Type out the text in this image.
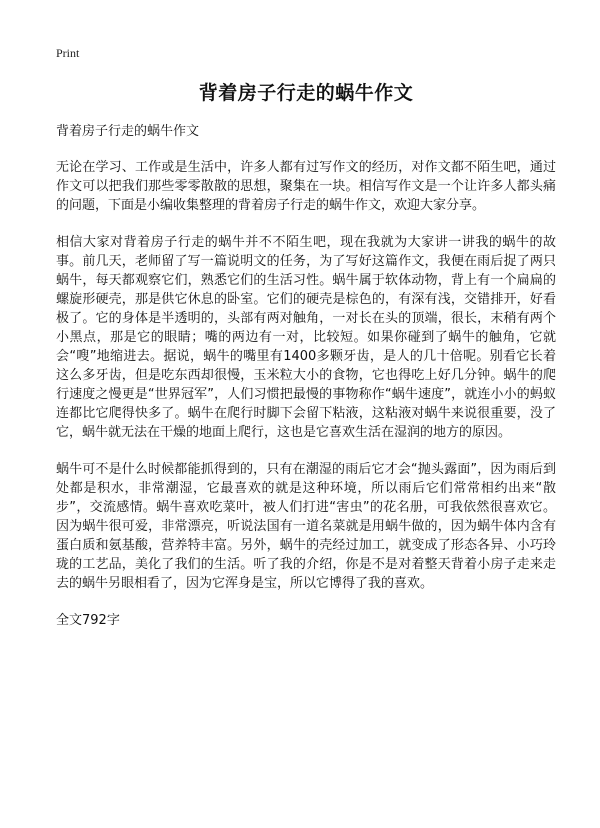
Print
背着房子行走的蜗牛作文
背着房子行走的蜗牛作文

无论在学习、工作或是生活中，许多人都有过写作文的经历，对作文都不陌生吧，通过作文可以把我们那些零零散散的思想，聚集在一块。相信写作文是一个让许多人都头痛的问题，下面是小编收集整理的背着房子行走的蜗牛作文，欢迎大家分享。

相信大家对背着房子行走的蜗牛并不不陌生吧，现在我就为大家讲一讲我的蜗牛的故事。前几天，老师留了写一篇说明文的任务，为了写好这篇作文，我便在雨后捉了两只蜗牛，每天都观察它们，熟悉它们的生活习性。蜗牛属于软体动物，背上有一个扁扁的螺旋形硬壳，那是供它休息的卧室。它们的硬壳是棕色的，有深有浅，交错排开，好看极了。它的身体是半透明的，头部有两对触角，一对长在头的顶端，很长，末稍有两个小黑点，那是它的眼睛；嘴的两边有一对，比较短。如果你碰到了蜗牛的触角，它就会“嗖”地缩进去。据说，蜗牛的嘴里有1400多颗牙齿，是人的几十倍呢。别看它长着这么多牙齿，但是吃东西却很慢，玉米粒大小的食物，它也得吃上好几分钟。蜗牛的爬行速度之慢更是“世界冠军”，人们习惯把最慢的事物称作“蜗牛速度”，就连小小的蚂蚁连都比它爬得快多了。蜗牛在爬行时脚下会留下粘液，这粘液对蜗牛来说很重要，没了它，蜗牛就无法在干燥的地面上爬行，这也是它喜欢生活在湿润的地方的原因。

蜗牛可不是什么时候都能抓得到的，只有在潮湿的雨后它才会“抛头露面”，因为雨后到处都是积水，非常潮湿，它最喜欢的就是这种环境，所以雨后它们常常相约出来“散步”，交流感情。蜗牛喜欢吃菜叶，被人们打进“害虫”的花名册，可我依然很喜欢它。因为蜗牛很可爱，非常漂亮，听说法国有一道名菜就是用蜗牛做的，因为蜗牛体内含有蛋白质和氨基酸，营养特丰富。另外，蜗牛的壳经过加工，就变成了形态各异、小巧玲珑的工艺品，美化了我们的生活。听了我的介绍，你是不是对着整天背着小房子走来走去的蜗牛另眼相看了，因为它浑身是宝，所以它博得了我的喜欢。

全文792字
